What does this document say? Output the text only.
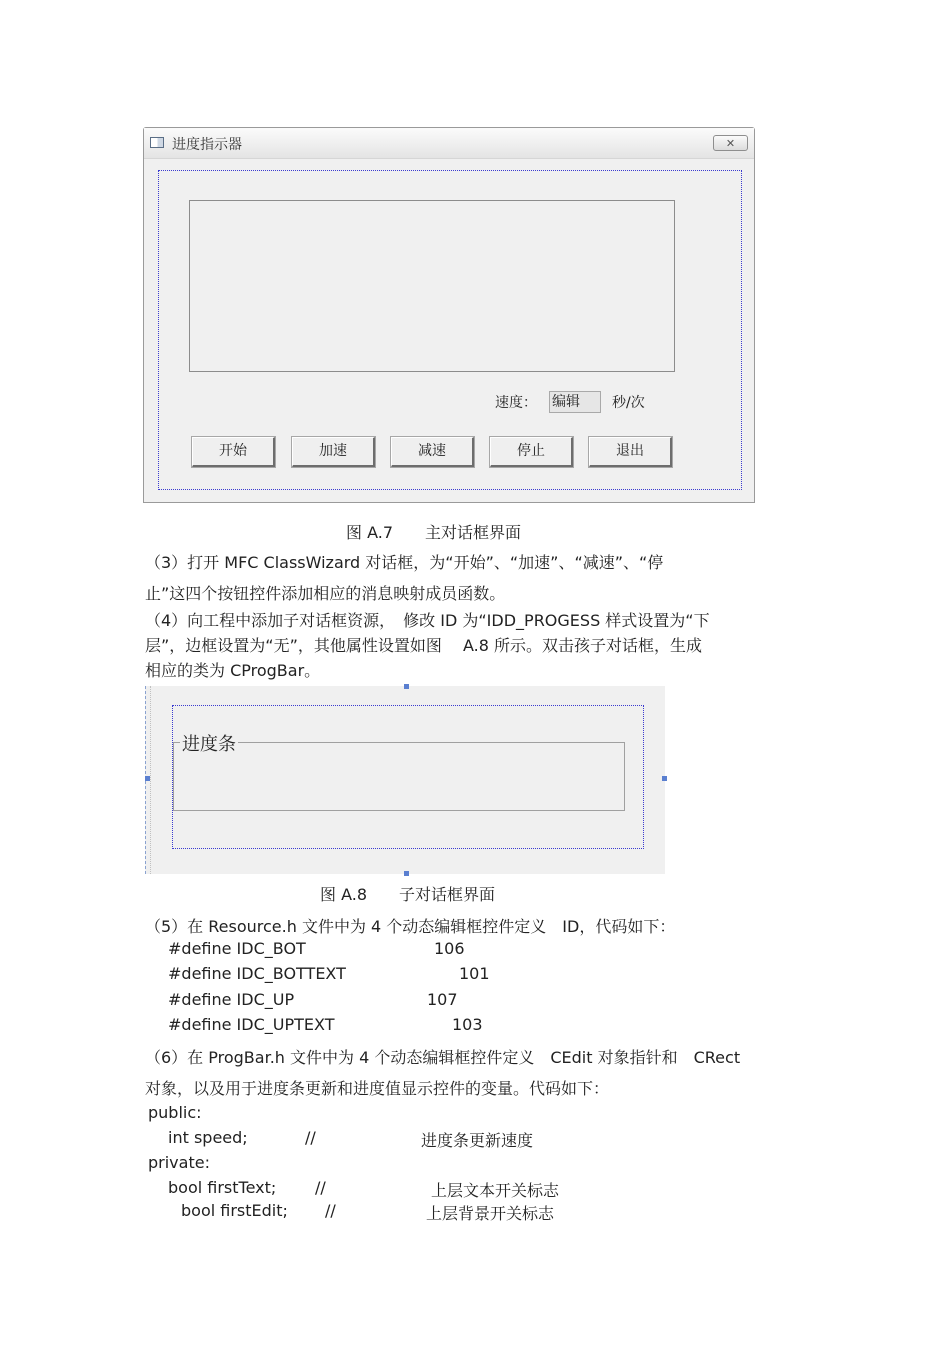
进度指示器	✕
速度： 编辑	秒/次
开始	加速	减速	停止	退出
图 A.7　　主对话框界面
（3）打开 MFC ClassWizard 对话框，为“开始”、“加速”、“减速”、“停
止”这四个按钮控件添加相应的消息映射成员函数。
（4）向工程中添加子对话框资源，　修改 ID 为“IDD_PROGESS 样式设置为“下
层”，边框设置为“无”，其他属性设置如图　 A.8 所示。双击孩子对话框，生成
相应的类为 CProgBar。
进度条
图 A.8　　子对话框界面
（5）在 Resource.h 文件中为 4 个动态编辑框控件定义　ID，代码如下：
#define IDC_BOT	106
#define IDC_BOTTEXT	101
#define IDC_UP	107
#define IDC_UPTEXT	103
（6）在 ProgBar.h 文件中为 4 个动态编辑框控件定义　CEdit 对象指针和　CRect
对象，以及用于进度条更新和进度值显示控件的变量。代码如下：
public:
int speed;	//	进度条更新速度
private:
bool firstText; //	上层文本开关标志
bool firstEdit; //	上层背景开关标志
